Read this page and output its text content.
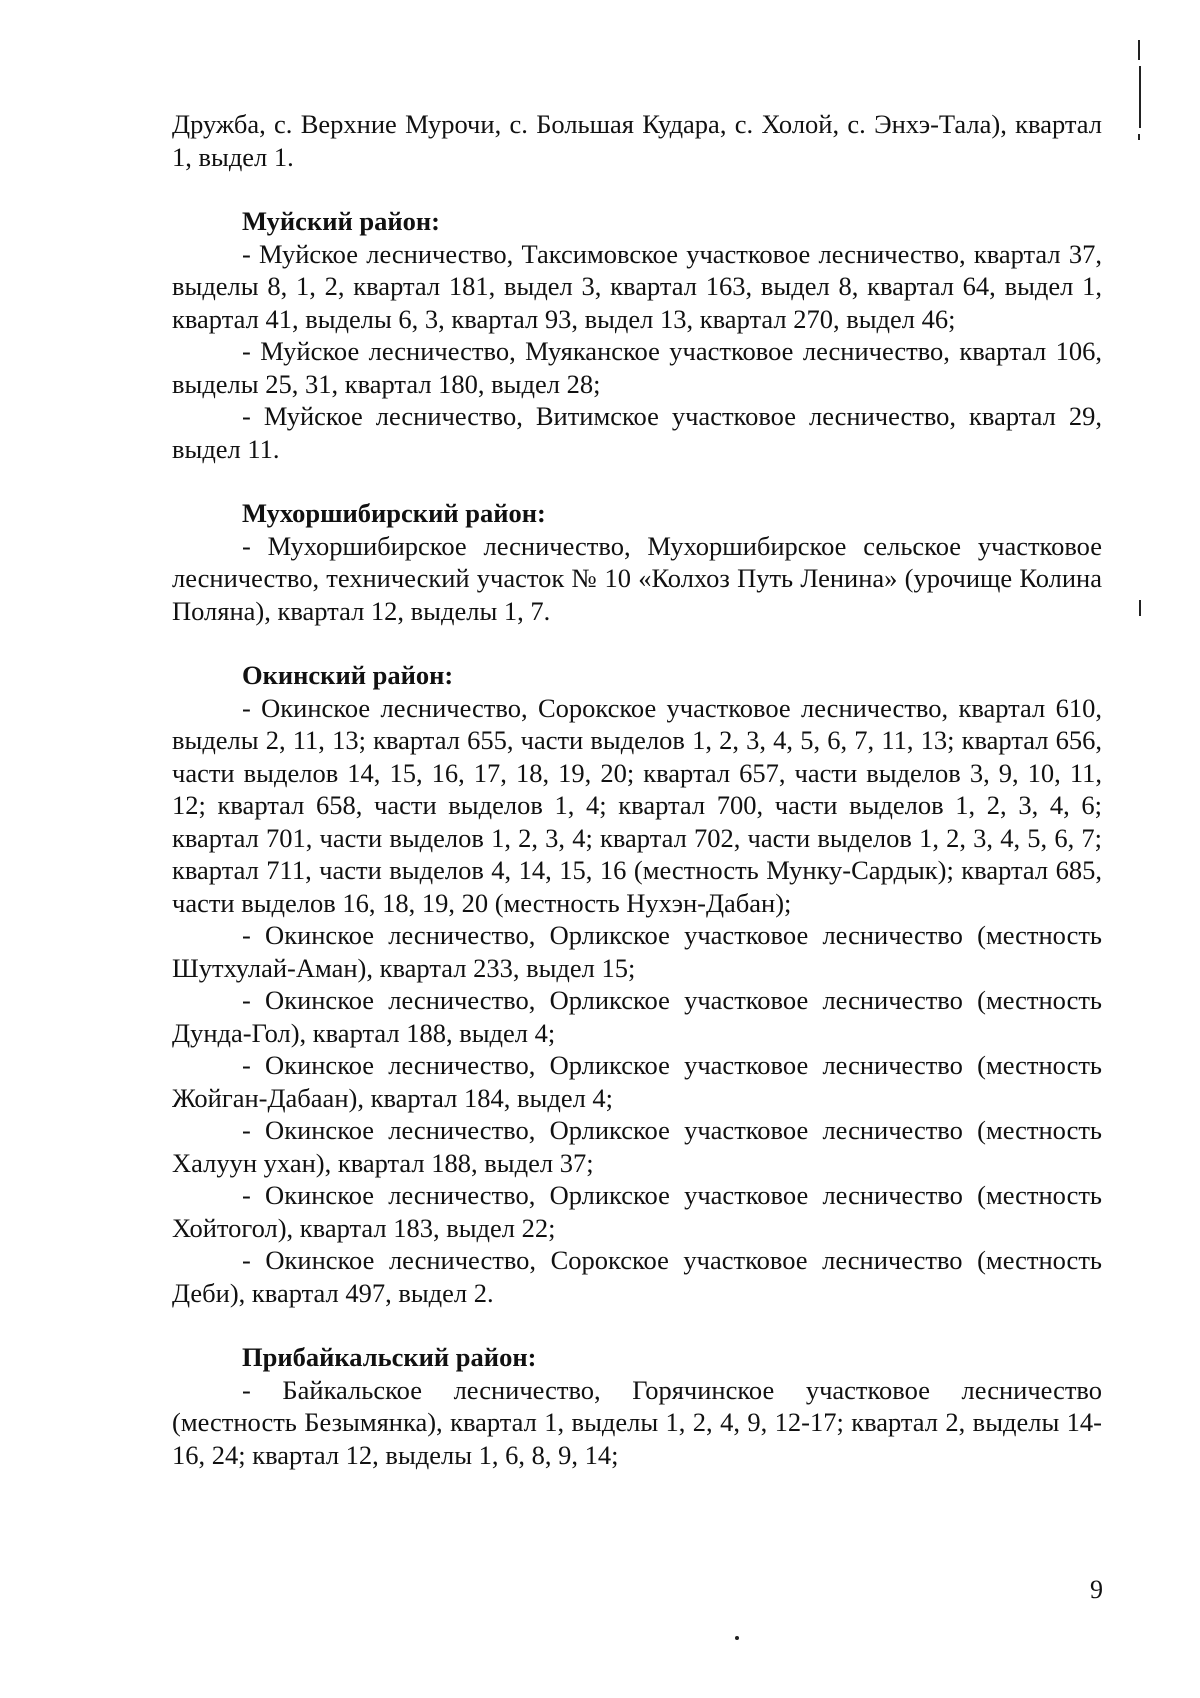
Дружба, с. Верхние Мурочи, с. Большая Кудара, с. Холой, с. Энхэ-Тала), квартал 1, выдел 1.

Муйский район:

- Муйское лесничество, Таксимовское участковое лесничество, квартал 37, выделы 8, 1, 2, квартал 181, выдел 3, квартал 163, выдел 8, квартал 64, выдел 1, квартал 41, выделы 6, 3, квартал 93, выдел 13, квартал 270, выдел 46;

- Муйское лесничество, Муяканское участковое лесничество, квартал 106, выделы 25, 31, квартал 180, выдел 28;

- Муйское лесничество, Витимское участковое лесничество, квартал 29, выдел 11.

Мухоршибирский район:

- Мухоршибирское лесничество, Мухоршибирское сельское участковое лесничество, технический участок № 10 «Колхоз Путь Ленина» (урочище Колина Поляна), квартал 12, выделы 1, 7.

Окинский район:

- Окинское лесничество, Сорокское участковое лесничество, квартал 610, выделы 2, 11, 13; квартал 655, части выделов 1, 2, 3, 4, 5, 6, 7, 11, 13; квартал 656, части выделов 14, 15, 16, 17, 18, 19, 20; квартал 657, части выделов 3, 9, 10, 11, 12; квартал 658, части выделов 1, 4; квартал 700, части выделов 1, 2, 3, 4, 6; квартал 701, части выделов 1, 2, 3, 4; квартал 702, части выделов 1, 2, 3, 4, 5, 6, 7; квартал 711, части выделов 4, 14, 15, 16 (местность Мунку-Сардык); квартал 685, части выделов 16, 18, 19, 20 (местность Нухэн-Дабан);

- Окинское лесничество, Орликское участковое лесничество (местность Шутхулай-Аман), квартал 233, выдел 15;

- Окинское лесничество, Орликское участковое лесничество (местность Дунда-Гол), квартал 188, выдел 4;

- Окинское лесничество, Орликское участковое лесничество (местность Жойган-Дабаан), квартал 184, выдел 4;

- Окинское лесничество, Орликское участковое лесничество (местность Халуун ухан), квартал 188, выдел 37;

- Окинское лесничество, Орликское участковое лесничество (местность Хойтогол), квартал 183, выдел 22;

- Окинское лесничество, Сорокское участковое лесничество (местность Деби), квартал 497, выдел 2.

Прибайкальский район:

- Байкальское лесничество, Горячинское участковое лесничество (местность Безымянка), квартал 1, выделы 1, 2, 4, 9, 12-17; квартал 2, выделы 14-16, 24; квартал 12, выделы 1, 6, 8, 9, 14;

9
